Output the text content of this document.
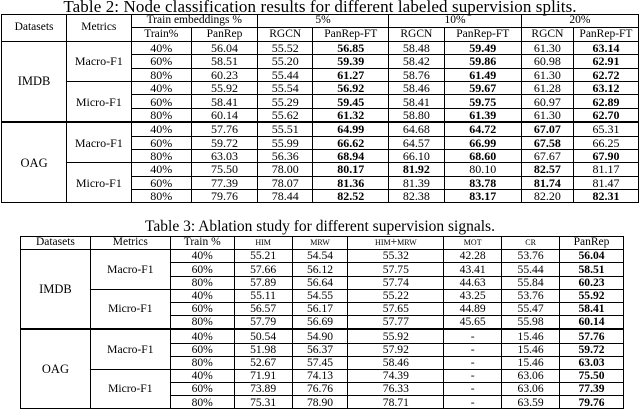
Table 2: Node classification results for different labeled supervision splits.
Datasets	Metrics	Train embeddings %		5%		10%		20%	
		Train%	PanRep	RGCN	PanRep-FT	RGCN	PanRep-FT	RGCN	PanRep-FT
IMDB	Macro-F1	40%	56.04	55.52	56.85	58.48	59.49	61.30	63.14
		60%	58.51	55.20	59.39	58.42	59.86	60.98	62.91
		80%	60.23	55.44	61.27	58.76	61.49	61.30	62.72
	Micro-F1	40%	55.92	55.54	56.92	58.46	59.67	61.28	63.12
		60%	58.41	55.29	59.45	58.41	59.75	60.97	62.89
		80%	60.14	55.62	61.32	58.80	61.39	61.30	62.70
OAG	Macro-F1	40%	57.76	55.51	64.99	64.68	64.72	67.07	65.31
		60%	59.72	55.99	66.62	64.57	66.99	67.58	66.25
		80%	63.03	56.36	68.94	66.10	68.60	67.67	67.90
	Micro-F1	40%	75.50	78.00	80.17	81.92	80.10	82.57	81.17
		60%	77.39	78.07	81.36	81.39	83.78	81.74	81.47
		80%	79.76	78.44	82.52	82.38	83.17	82.20	82.31
Table 3: Ablation study for different supervision signals.
Datasets	Metrics	Train %	him	mrw	him+mrw	mot	cr	PanRep
IMDB	Macro-F1	40%	55.21	54.54	55.32	42.28	53.76	56.04
		60%	57.66	56.12	57.75	43.41	55.44	58.51
		80%	57.89	56.64	57.74	44.63	55.84	60.23
	Micro-F1	40%	55.11	54.55	55.22	43.25	53.76	55.92
		60%	56.57	56.17	57.65	44.89	55.47	58.41
		80%	57.79	56.69	57.77	45.65	55.98	60.14
OAG	Macro-F1	40%	50.54	54.90	55.92	-	15.46	57.76
		60%	51.98	56.37	57.92	-	15.46	59.72
		80%	52.67	57.45	58.46	-	15.46	63.03
	Micro-F1	40%	71.91	74.13	74.39	-	63.06	75.50
		60%	73.89	76.76	76.33	-	63.06	77.39
		80%	75.31	78.90	78.71	-	63.59	79.76
